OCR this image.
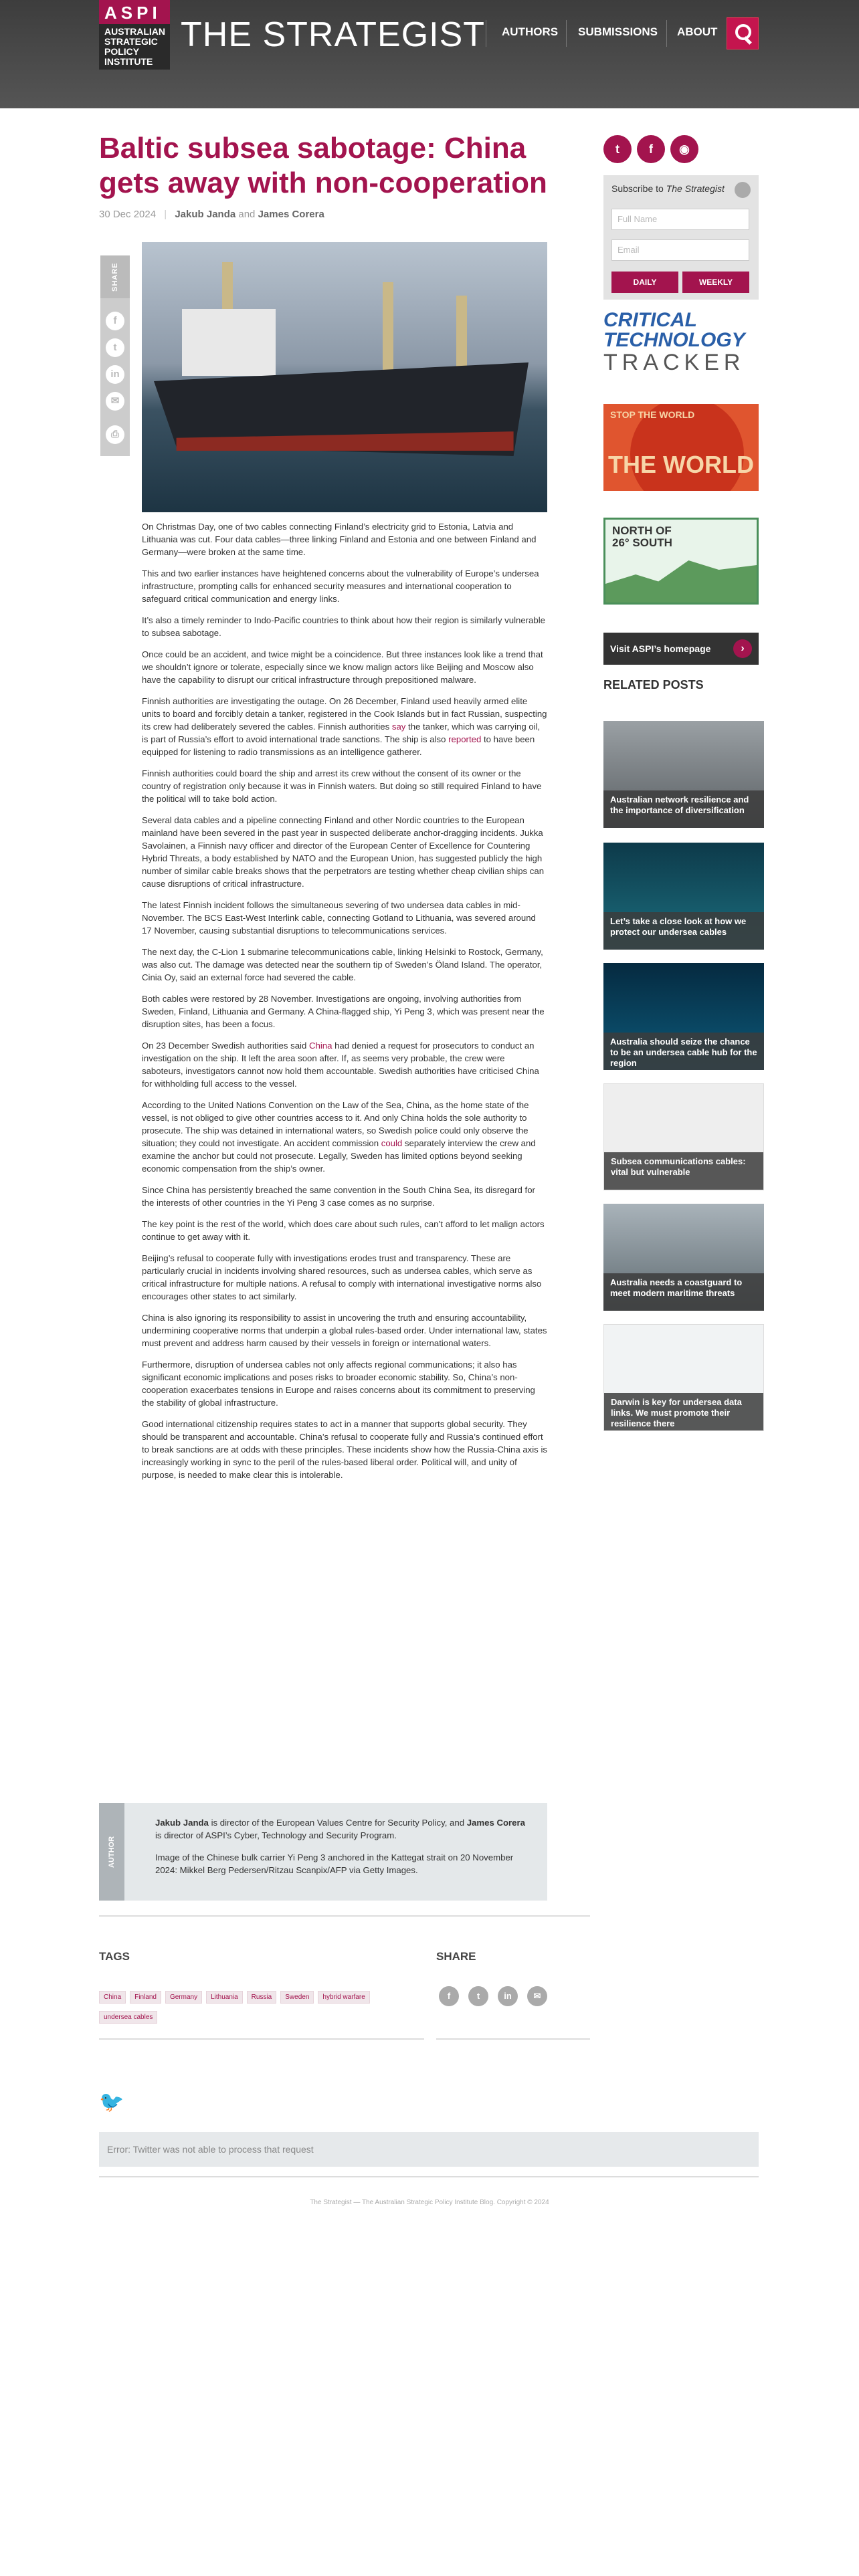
ASPI
AUSTRALIAN
STRATEGIC
POLICY
INSTITUTE
THE STRATEGIST AUTHORS SUBMISSIONS ABOUT
Baltic subsea sabotage: China gets away with non-cooperation
30 Dec 2024 | Jakub Janda and James Corera
SHARE
f
t
in
✉
⎙

On Christmas Day, one of two cables connecting Finland’s electricity grid to Estonia, Latvia and Lithuania was cut. Four data cables—three linking Finland and Estonia and one between Finland and Germany—were broken at the same time.

This and two earlier instances have heightened concerns about the vulnerability of Europe’s undersea infrastructure, prompting calls for enhanced security measures and international cooperation to safeguard critical communication and energy links.

It’s also a timely reminder to Indo-Pacific countries to think about how their region is similarly vulnerable to subsea sabotage.

Once could be an accident, and twice might be a coincidence. But three instances look like a trend that we shouldn’t ignore or tolerate, especially since we know malign actors like Beijing and Moscow also have the capability to disrupt our critical infrastructure through prepositioned malware.

Finnish authorities are investigating the outage. On 26 December, Finland used heavily armed elite units to board and forcibly detain a tanker, registered in the Cook Islands but in fact Russian, suspecting its crew had deliberately severed the cables. Finnish authorities say the tanker, which was carrying oil, is part of Russia’s effort to avoid international trade sanctions. The ship is also reported to have been equipped for listening to radio transmissions as an intelligence gatherer.

Finnish authorities could board the ship and arrest its crew without the consent of its owner or the country of registration only because it was in Finnish waters. But doing so still required Finland to have the political will to take bold action.

Several data cables and a pipeline connecting Finland and other Nordic countries to the European mainland have been severed in the past year in suspected deliberate anchor-dragging incidents. Jukka Savolainen, a Finnish navy officer and director of the European Center of Excellence for Countering Hybrid Threats, a body established by NATO and the European Union, has suggested publicly the high number of similar cable breaks shows that the perpetrators are testing whether cheap civilian ships can cause disruptions of critical infrastructure.

The latest Finnish incident follows the simultaneous severing of two undersea data cables in mid-November. The BCS East-West Interlink cable, connecting Gotland to Lithuania, was severed around 17 November, causing substantial disruptions to telecommunications services.

The next day, the C-Lion 1 submarine telecommunications cable, linking Helsinki to Rostock, Germany, was also cut. The damage was detected near the southern tip of Sweden’s Öland Island. The operator, Cinia Oy, said an external force had severed the cable.

Both cables were restored by 28 November. Investigations are ongoing, involving authorities from Sweden, Finland, Lithuania and Germany. A China-flagged ship, Yi Peng 3, which was present near the disruption sites, has been a focus.

On 23 December Swedish authorities said China had denied a request for prosecutors to conduct an investigation on the ship. It left the area soon after. If, as seems very probable, the crew were saboteurs, investigators cannot now hold them accountable. Swedish authorities have criticised China for withholding full access to the vessel.

According to the United Nations Convention on the Law of the Sea, China, as the home state of the vessel, is not obliged to give other countries access to it. And only China holds the sole authority to prosecute. The ship was detained in international waters, so Swedish police could only observe the situation; they could not investigate. An accident commission could separately interview the crew and examine the anchor but could not prosecute. Legally, Sweden has limited options beyond seeking economic compensation from the ship’s owner.

Since China has persistently breached the same convention in the South China Sea, its disregard for the interests of other countries in the Yi Peng 3 case comes as no surprise.

The key point is the rest of the world, which does care about such rules, can’t afford to let malign actors continue to get away with it.

Beijing’s refusal to cooperate fully with investigations erodes trust and transparency. These are particularly crucial in incidents involving shared resources, such as undersea cables, which serve as critical infrastructure for multiple nations. A refusal to comply with international investigative norms also encourages other states to act similarly.

China is also ignoring its responsibility to assist in uncovering the truth and ensuring accountability, undermining cooperative norms that underpin a global rules-based order. Under international law, states must prevent and address harm caused by their vessels in foreign or international waters.

Furthermore, disruption of undersea cables not only affects regional communications; it also has significant economic implications and poses risks to broader economic stability. So, China’s non-cooperation exacerbates tensions in Europe and raises concerns about its commitment to preserving the stability of global infrastructure.

Good international citizenship requires states to act in a manner that supports global security. They should be transparent and accountable. China’s refusal to cooperate fully and Russia’s continued effort to break sanctions are at odds with these principles. These incidents show how the Russia-China axis is increasingly working in sync to the peril of the rules-based liberal order. Political will, and unity of purpose, is needed to make clear this is intolerable.

AUTHOR

Jakub Janda is director of the European Values Centre for Security Policy, and James Corera is director of ASPI’s Cyber, Technology and Security Program.

Image of the Chinese bulk carrier Yi Peng 3 anchored in the Kattegat strait on 20 November 2024: Mikkel Berg Pedersen/Ritzau Scanpix/AFP via Getty Images.

TAGS
China Finland Germany Lithuania Russia Sweden hybrid warfareundersea cables
SHARE
f	t	in	✉
🐦
Error: Twitter was not able to process that request
The Strategist — The Australian Strategic Policy Institute Blog. Copyright © 2024
t	f	◉
Subscribe to The Strategist
Full Name
Email
DAILY	WEEKLY
CRITICAL
TECHNOLOGY
TRACKER
STOP THE WORLD
THE WORLD
NORTH OF
26° SOUTH
Visit ASPI’s homepage	›
RELATED POSTS
Australian network resilience and the importance of diversification
Let’s take a close look at how we protect our undersea cables
Australia should seize the chance to be an undersea cable hub for the region
Subsea communications cables: vital but vulnerable
Australia needs a coastguard to meet modern maritime threats
Darwin is key for undersea data links. We must promote their resilience there
